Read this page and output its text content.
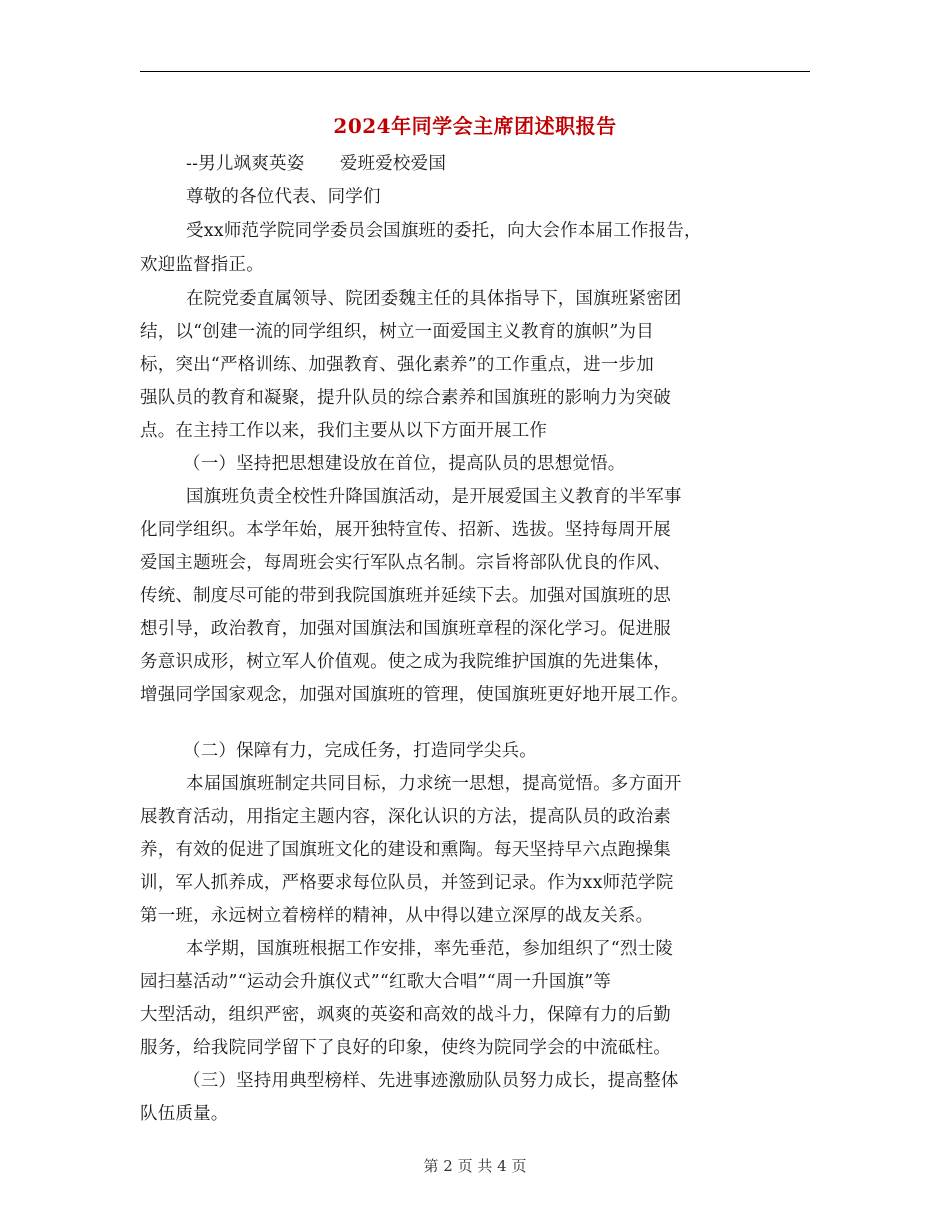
2024年同学会主席团述职报告
--男儿飒爽英姿　　爱班爱校爱国
尊敬的各位代表、同学们
受xx师范学院同学委员会国旗班的委托，向大会作本届工作报告，
欢迎监督指正。
在院党委直属领导、院团委魏主任的具体指导下，国旗班紧密团
结，以“创建一流的同学组织，树立一面爱国主义教育的旗帜”为目
标，突出“严格训练、加强教育、强化素养”的工作重点，进一步加
强队员的教育和凝聚，提升队员的综合素养和国旗班的影响力为突破
点。在主持工作以来，我们主要从以下方面开展工作
（一）坚持把思想建设放在首位，提高队员的思想觉悟。
国旗班负责全校性升降国旗活动，是开展爱国主义教育的半军事
化同学组织。本学年始，展开独特宣传、招新、选拔。坚持每周开展
爱国主题班会，每周班会实行军队点名制。宗旨将部队优良的作风、
传统、制度尽可能的带到我院国旗班并延续下去。加强对国旗班的思
想引导，政治教育，加强对国旗法和国旗班章程的深化学习。促进服
务意识成形，树立军人价值观。使之成为我院维护国旗的先进集体，
增强同学国家观念，加强对国旗班的管理，使国旗班更好地开展工作。
（二）保障有力，完成任务，打造同学尖兵。
本届国旗班制定共同目标，力求统一思想，提高觉悟。多方面开
展教育活动，用指定主题内容，深化认识的方法，提高队员的政治素
养，有效的促进了国旗班文化的建设和熏陶。每天坚持早六点跑操集
训，军人抓养成，严格要求每位队员，并签到记录。作为xx师范学院
第一班，永远树立着榜样的精神，从中得以建立深厚的战友关系。
本学期，国旗班根据工作安排，率先垂范，参加组织了“烈士陵
园扫墓活动”“运动会升旗仪式”“红歌大合唱”“周一升国旗”等
大型活动，组织严密，飒爽的英姿和高效的战斗力，保障有力的后勤
服务，给我院同学留下了良好的印象，使终为院同学会的中流砥柱。
（三）坚持用典型榜样、先进事迹激励队员努力成长，提高整体
队伍质量。
第 2 页 共 4 页
